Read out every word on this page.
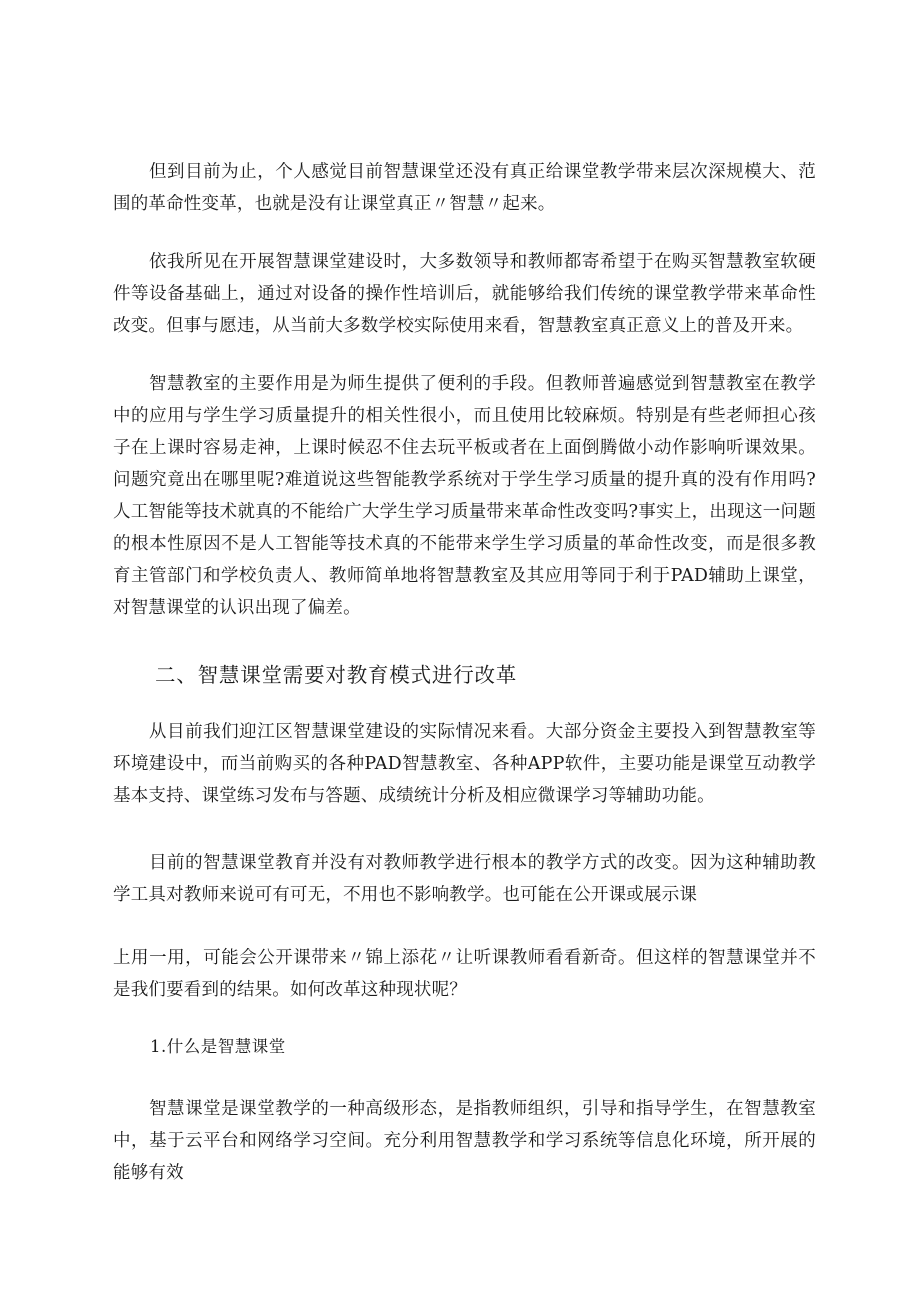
但到目前为止，个人感觉目前智慧课堂还没有真正给课堂教学带来层次深规模大、范围的革命性变革，也就是没有让课堂真正〃智慧〃起来。

依我所见在开展智慧课堂建设时，大多数领导和教师都寄希望于在购买智慧教室软硬件等设备基础上，通过对设备的操作性培训后，就能够给我们传统的课堂教学带来革命性改变。但事与愿违，从当前大多数学校实际使用来看，智慧教室真正意义上的普及开来。

智慧教室的主要作用是为师生提供了便利的手段。但教师普遍感觉到智慧教室在教学中的应用与学生学习质量提升的相关性很小，而且使用比较麻烦。特别是有些老师担心孩子在上课时容易走神，上课时候忍不住去玩平板或者在上面倒腾做小动作影响听课效果。问题究竟出在哪里呢?难道说这些智能教学系统对于学生学习质量的提升真的没有作用吗?人工智能等技术就真的不能给广大学生学习质量带来革命性改变吗?事实上，出现这一问题的根本性原因不是人工智能等技术真的不能带来学生学习质量的革命性改变，而是很多教育主管部门和学校负责人、教师简单地将智慧教室及其应用等同于利于PAD辅助上课堂，对智慧课堂的认识出现了偏差。

二、智慧课堂需要对教育模式进行改革

从目前我们迎江区智慧课堂建设的实际情况来看。大部分资金主要投入到智慧教室等环境建设中，而当前购买的各种PAD智慧教室、各种APP软件，主要功能是课堂互动教学基本支持、课堂练习发布与答题、成绩统计分析及相应微课学习等辅助功能。

目前的智慧课堂教育并没有对教师教学进行根本的教学方式的改变。因为这种辅助教学工具对教师来说可有可无，不用也不影响教学。也可能在公开课或展示课

上用一用，可能会公开课带来〃锦上添花〃让听课教师看看新奇。但这样的智慧课堂并不是我们要看到的结果。如何改革这种现状呢？

1.什么是智慧课堂

智慧课堂是课堂教学的一种高级形态，是指教师组织，引导和指导学生，在智慧教室中，基于云平台和网络学习空间。充分利用智慧教学和学习系统等信息化环境，所开展的能够有效
